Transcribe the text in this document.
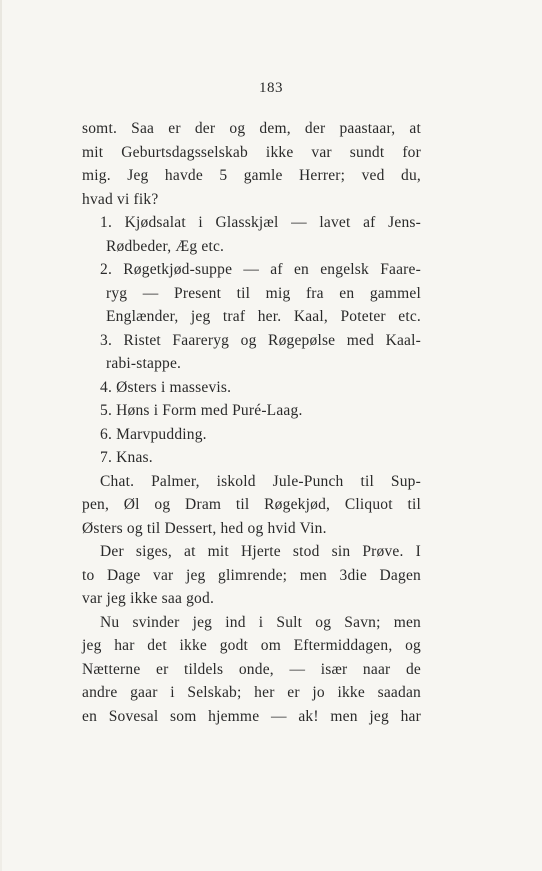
183
somt. Saa er der og dem, der paastaar, at
mit Geburtsdagsselskab ikke var sundt for
mig. Jeg havde 5 gamle Herrer; ved du,
hvad vi fik?
1. Kjødsalat i Glasskjæl — lavet af Jens-
Rødbeder, Æg etc.
2. Røgetkjød-suppe — af en engelsk Faare-
ryg — Present til mig fra en gammel
Englænder, jeg traf her. Kaal, Poteter etc.
3. Ristet Faareryg og Røgepølse med Kaal-
rabi-stappe.
4. Østers i massevis.
5. Høns i Form med Puré-Laag.
6. Marvpudding.
7. Knas.
Chat. Palmer, iskold Jule-Punch til Sup-
pen, Øl og Dram til Røgekjød, Cliquot til
Østers og til Dessert, hed og hvid Vin.
Der siges, at mit Hjerte stod sin Prøve. I
to Dage var jeg glimrende; men 3die Dagen
var jeg ikke saa god.
Nu svinder jeg ind i Sult og Savn; men
jeg har det ikke godt om Eftermiddagen, og
Nætterne er tildels onde, — især naar de
andre gaar i Selskab; her er jo ikke saadan
en Sovesal som hjemme — ak! men jeg har
